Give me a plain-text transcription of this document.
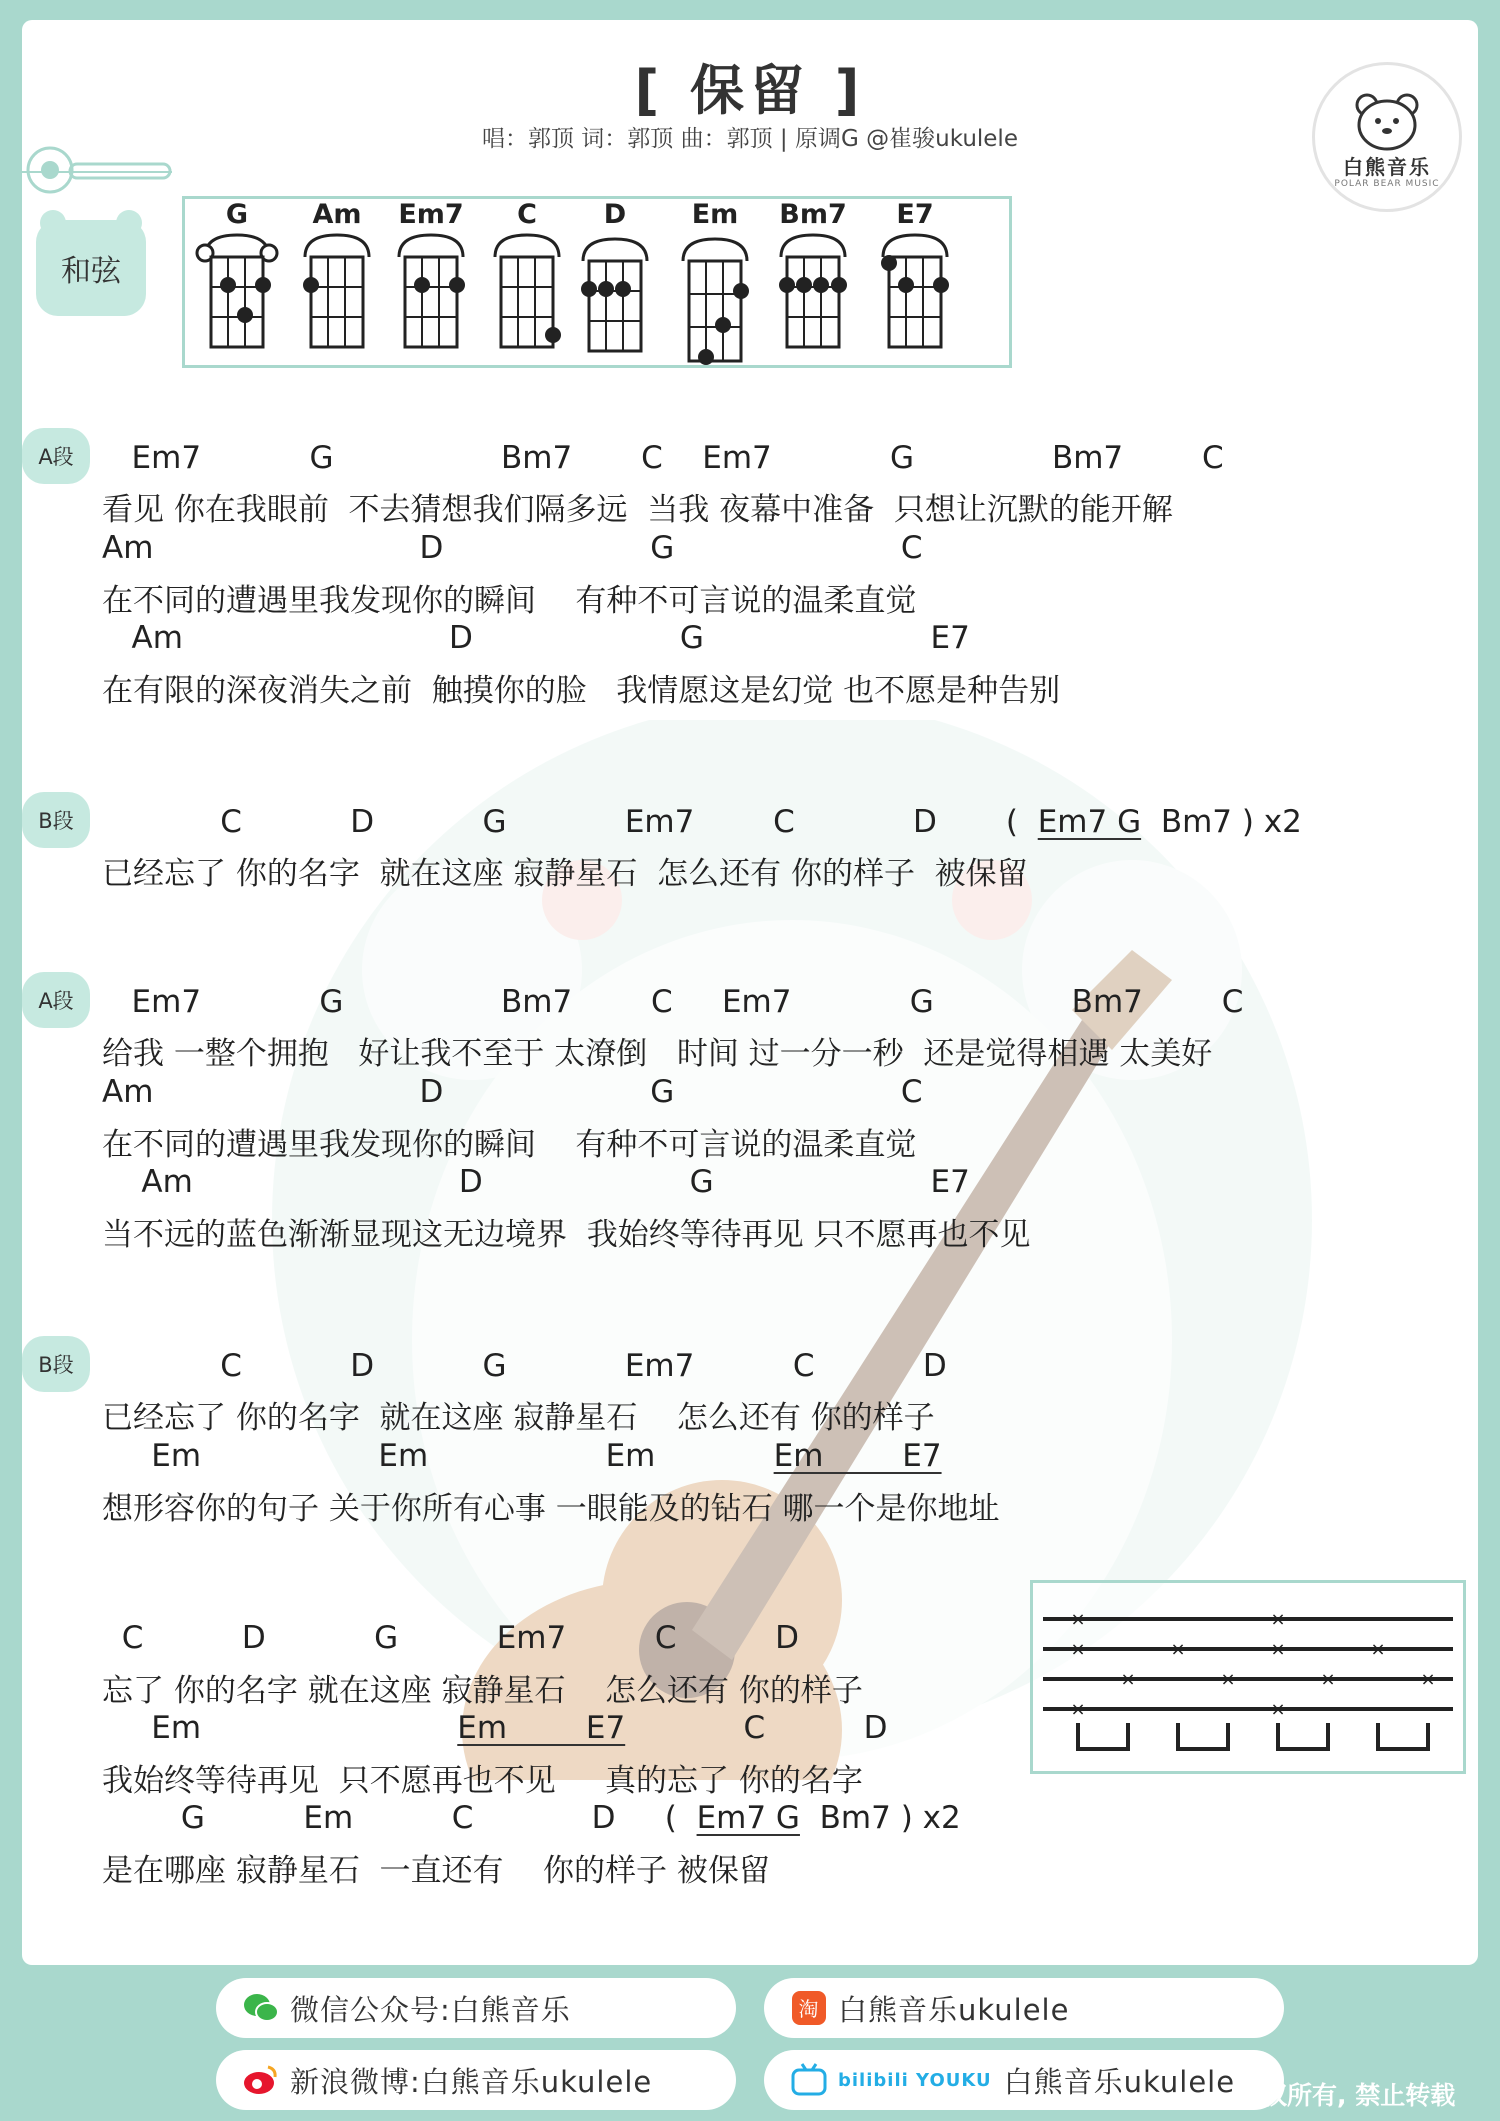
[ 保留 ]
唱：郭顶 词：郭顶 曲：郭顶 | 原调G @崔骏ukulele
白熊音乐
POLAR BEAR MUSIC
和弦
G	Am	Em7	C	D	Em	Bm7	E7
A段 Em7           G                 Bm7       C    Em7            G              Bm7        C
看见 你在我眼前  不去猜想我们隔多远  当我 夜幕中准备  只想让沉默的能开解
Am                           D                     G                       C
在不同的遭遇里我发现你的瞬间    有种不可言说的温柔直觉
Am                           D                     G                       E7
在有限的深夜消失之前  触摸你的脸   我情愿这是幻觉 也不愿是种告别
B段 C           D           G            Em7        C            D       (  Em7 G  Bm7 ) x2
已经忘了 你的名字  就在这座 寂静星石  怎么还有 你的样子  被保留
A段 Em7            G                Bm7        C     Em7            G              Bm7        C
给我 一整个拥抱   好让我不至于 太潦倒   时间 过一分一秒  还是觉得相遇 太美好
Am                           D                     G                       C
在不同的遭遇里我发现你的瞬间    有种不可言说的温柔直觉
Am                           D                     G                      E7
当不远的蓝色渐渐显现这无边境界  我始终等待再见 只不愿再也不见
B段 C           D           G            Em7          C           D
已经忘了 你的名字  就在这座 寂静星石    怎么还有 你的样子
Em                  Em                  Em            Em        E7
想形容你的句子 关于你所有心事 一眼能及的钻石 哪一个是你地址
C          D           G          Em7         C          D
忘了 你的名字 就在这座 寂静星石    怎么还有 你的样子
Em                          Em        E7            C          D
我始终等待再见  只不愿再也不见     真的忘了 你的名字
G          Em          C            D     (  Em7 G  Bm7 ) x2
是在哪座 寂静星石  一直还有    你的样子 被保留
×	×
×	×	×	×
×	×	×	×
×	×
微信公众号:白熊音乐	淘 白熊音乐ukulele
新浪微博:白熊音乐ukulele	bilibili YOUKU 白熊音乐ukulele 权所有, 禁止转载
